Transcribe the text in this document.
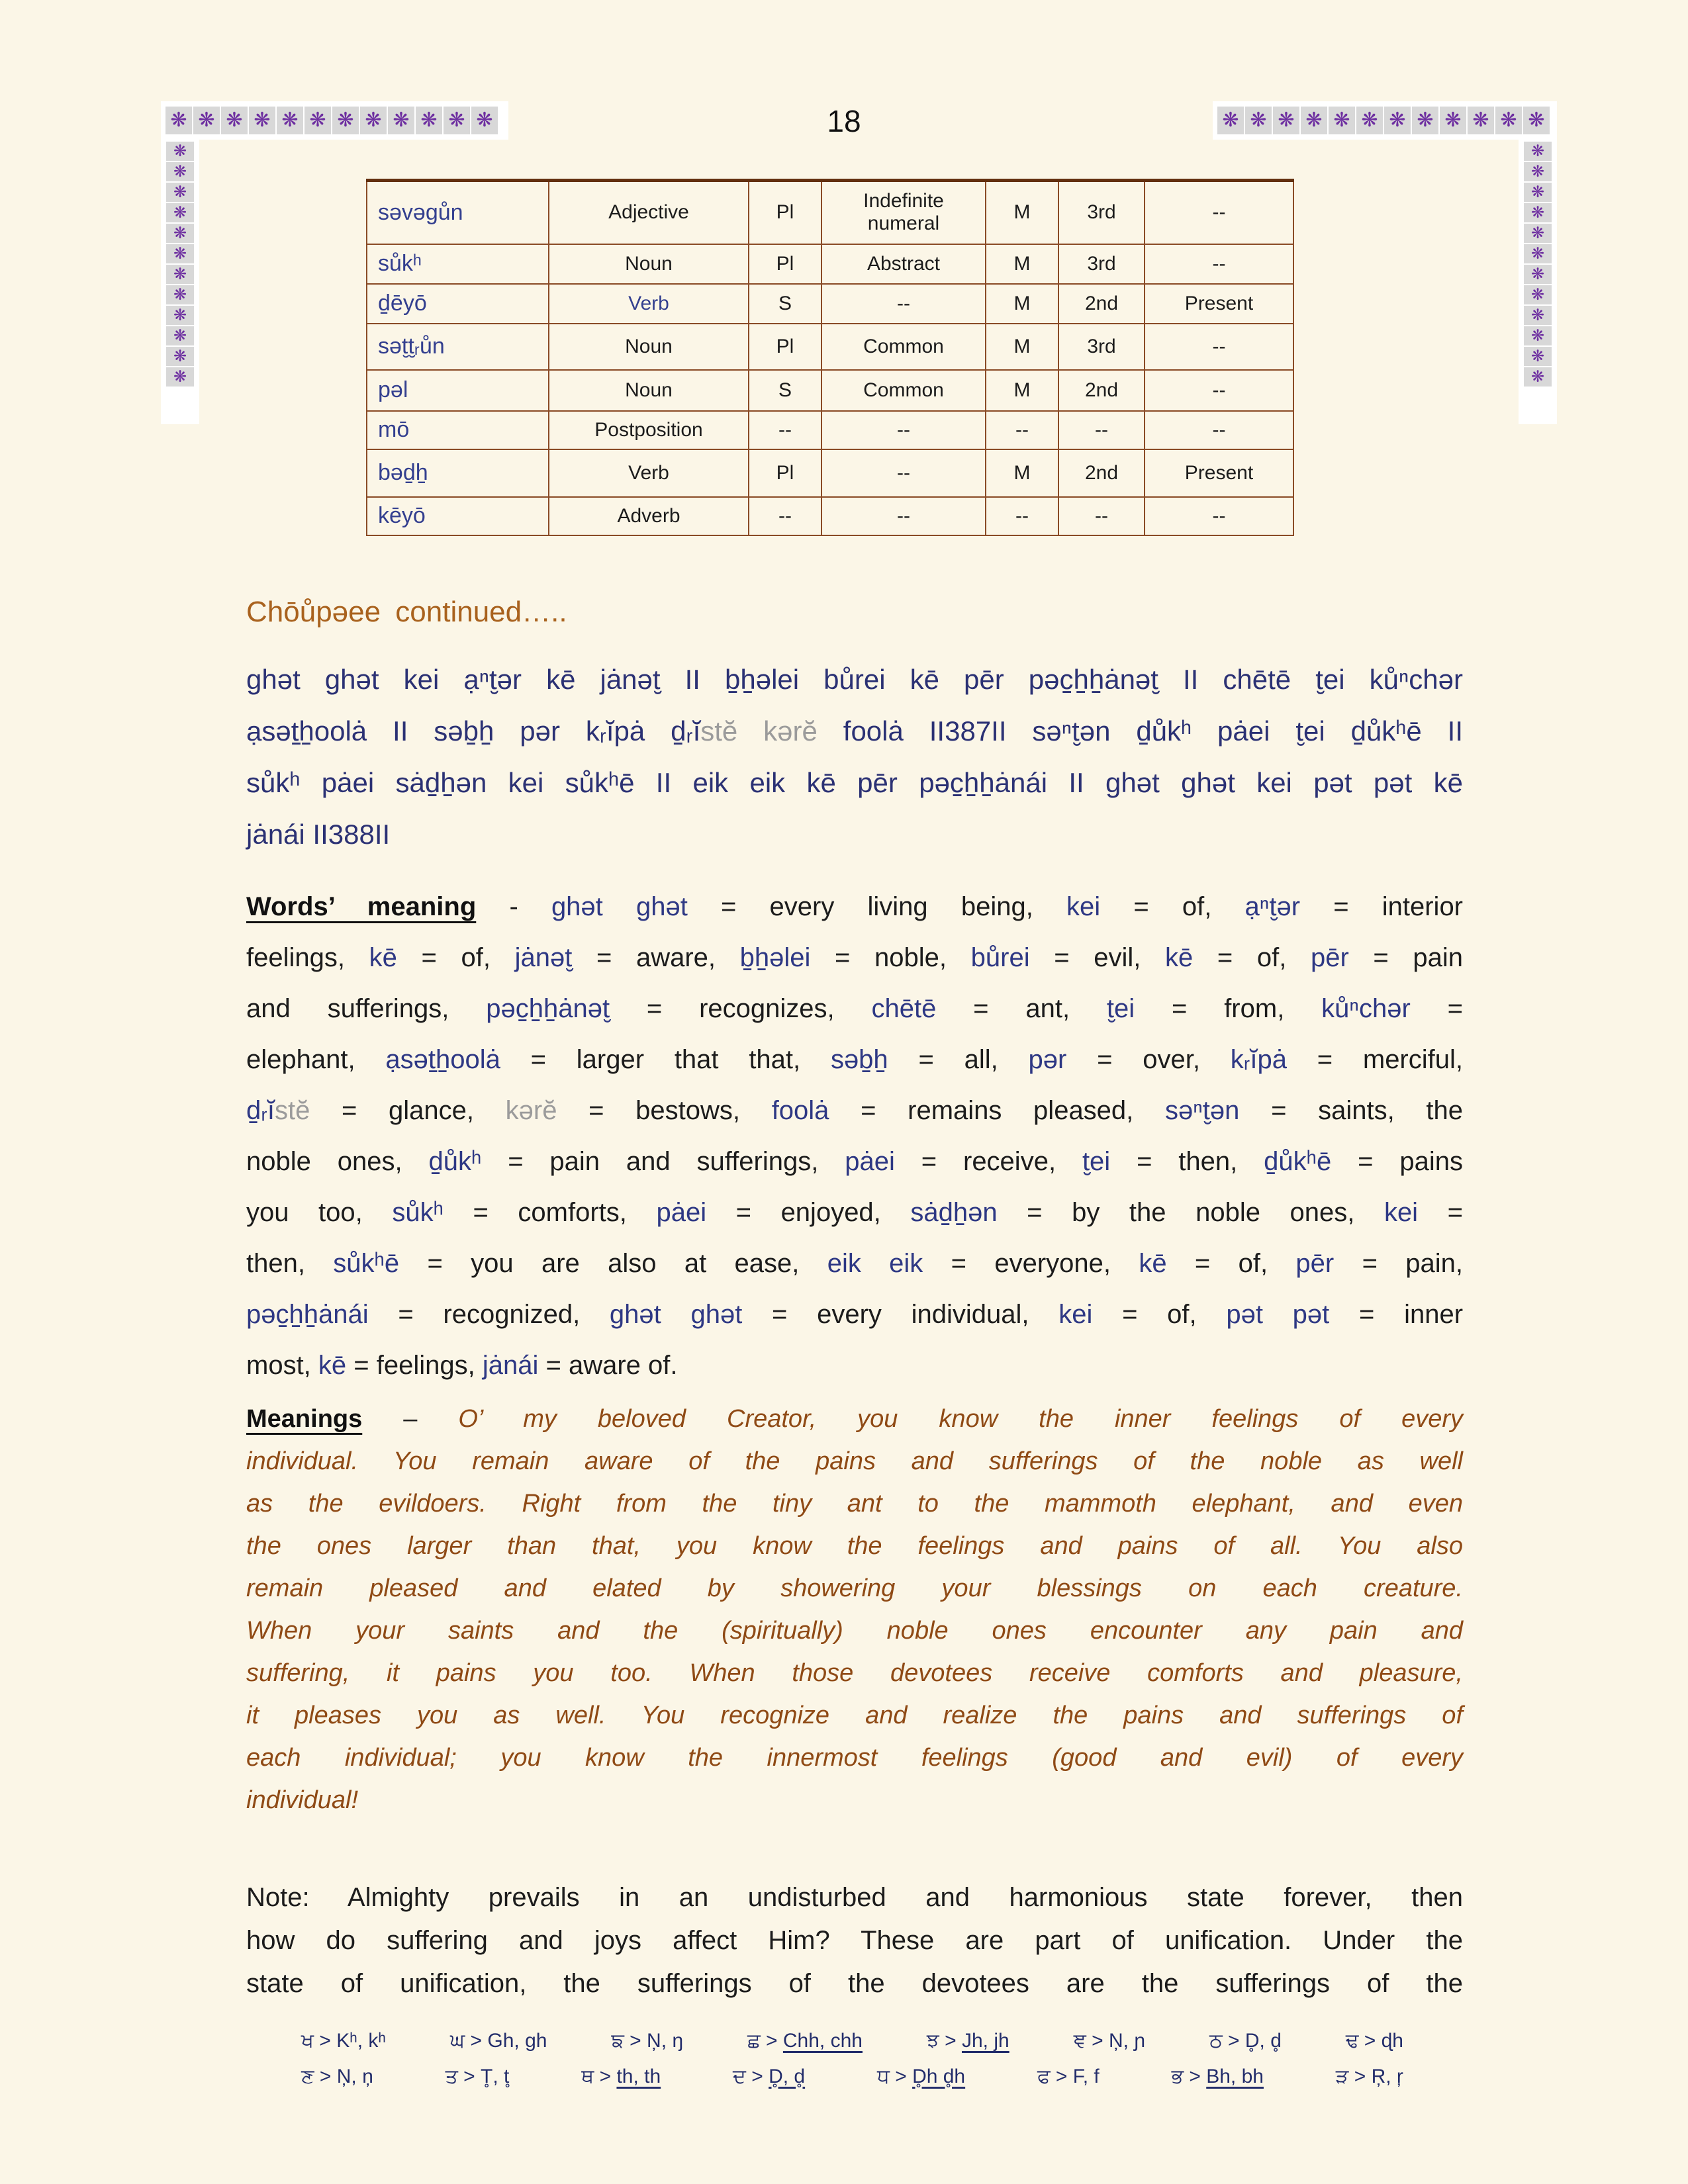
18
❋ ❋ ❋ ❋ ❋ ❋ ❋ ❋ ❋ ❋ ❋ ❋	❋ ❋ ❋ ❋ ❋ ❋ ❋ ❋ ❋ ❋ ❋ ❋
❋
❋
❋
❋
❋
❋
❋
❋
❋
❋
❋
❋
❋
❋
❋
❋
❋
❋
❋
❋
❋
❋
❋
❋
səvəgůn	Adjective	Pl	Indefinite numeral	M	3rd	--
sůkʰ	Noun	Pl	Abstract	M	3rd	--
d̠ēyō	Verb	S	--	M	2nd	Present
sət̮t̮ᵣůn	Noun	Pl	Common	M	3rd	--
pəl	Noun	S	Common	M	2nd	--
mō	Postposition	--	--	--	--	--
bəd̠h̠	Verb	Pl	--	M	2nd	Present
kēyō	Adverb	--	--	--	--	--
Chōůpəee continued…..
ghət ghət kei ạⁿt̮ər kē jȧnət̮ II b̠h̠əlei bůrei kē pēr pəc̠h̠h̠ȧnət̮ II chētē t̮ei kůⁿchər
ạsət̠h̠oolȧ II səb̠h̠ pər kᵣĭpȧ d̠ᵣĭstĕ kərĕ foolȧ II387II səⁿt̮ən d̠ůkʰ pȧei t̮ei d̠ůkʰē II
sůkʰ pȧei sȧd̠h̠ən kei sůkʰē II eik eik kē pēr pəc̠h̠h̠ȧnái II ghət ghət kei pət pət kē
jȧnái II388II
Words’ meaning - ghət ghət = every living being, kei = of, ạⁿt̮ər = interior
feelings, kē = of, jȧnət̮ = aware, b̠h̠əlei = noble, bůrei = evil, kē = of, pēr = pain
and sufferings, pəc̠h̠h̠ȧnət̮ = recognizes, chētē = ant, t̮ei = from, kůⁿchər =
elephant, ạsət̠h̠oolȧ = larger that that, səb̠h̠ = all, pər = over, kᵣĭpȧ = merciful,
d̠ᵣĭstĕ = glance, kərĕ = bestows, foolȧ = remains pleased, səⁿt̮ən = saints, the
noble ones, d̠ůkʰ = pain and sufferings, pȧei = receive, t̮ei = then, d̠ůkʰē = pains
you too, sůkʰ = comforts, pȧei = enjoyed, sȧd̠h̠ən = by the noble ones, kei =
then, sůkʰē = you are also at ease, eik eik = everyone, kē = of, pēr = pain,
pəc̠h̠h̠ȧnái = recognized, ghət ghət = every individual, kei = of, pət pət = inner
most, kē = feelings, jȧnái = aware of.
Meanings – O’ my beloved Creator, you know the inner feelings of every
individual. You remain aware of the pains and sufferings of the noble as well
as the evildoers. Right from the tiny ant to the mammoth elephant, and even
the ones larger than that, you know the feelings and pains of all. You also
remain pleased and elated by showering your blessings on each creature.
When your saints and the (spiritually) noble ones encounter any pain and
suffering, it pains you too. When those devotees receive comforts and pleasure,
it pleases you as well. You recognize and realize the pains and sufferings of
each individual; you know the innermost feelings (good and evil) of every
individual!
Note: Almighty prevails in an undisturbed and harmonious state forever, then
how do suffering and joys affect Him? These are part of unification. Under the
state of unification, the sufferings of the devotees are the sufferings of the
ਖ > Kʰ, kʰ	ਘ > Gh, gh	ਙ > Ņ, ŋ	ਛ > Chh, chh	ਝ > Jh, jh	ਞ > Ņ, ɲ	ਠ > D̥, d̥	ਢ > ɖh
ਣ > Ņ, ņ	ਤ > T̥, t̥	ਥ > th, th	ਦ > D̥, d̥	ਧ > D̥h d̥h	ਫ > F, f	ਭ > Bh, bh	ੜ > Ŗ, ŗ
